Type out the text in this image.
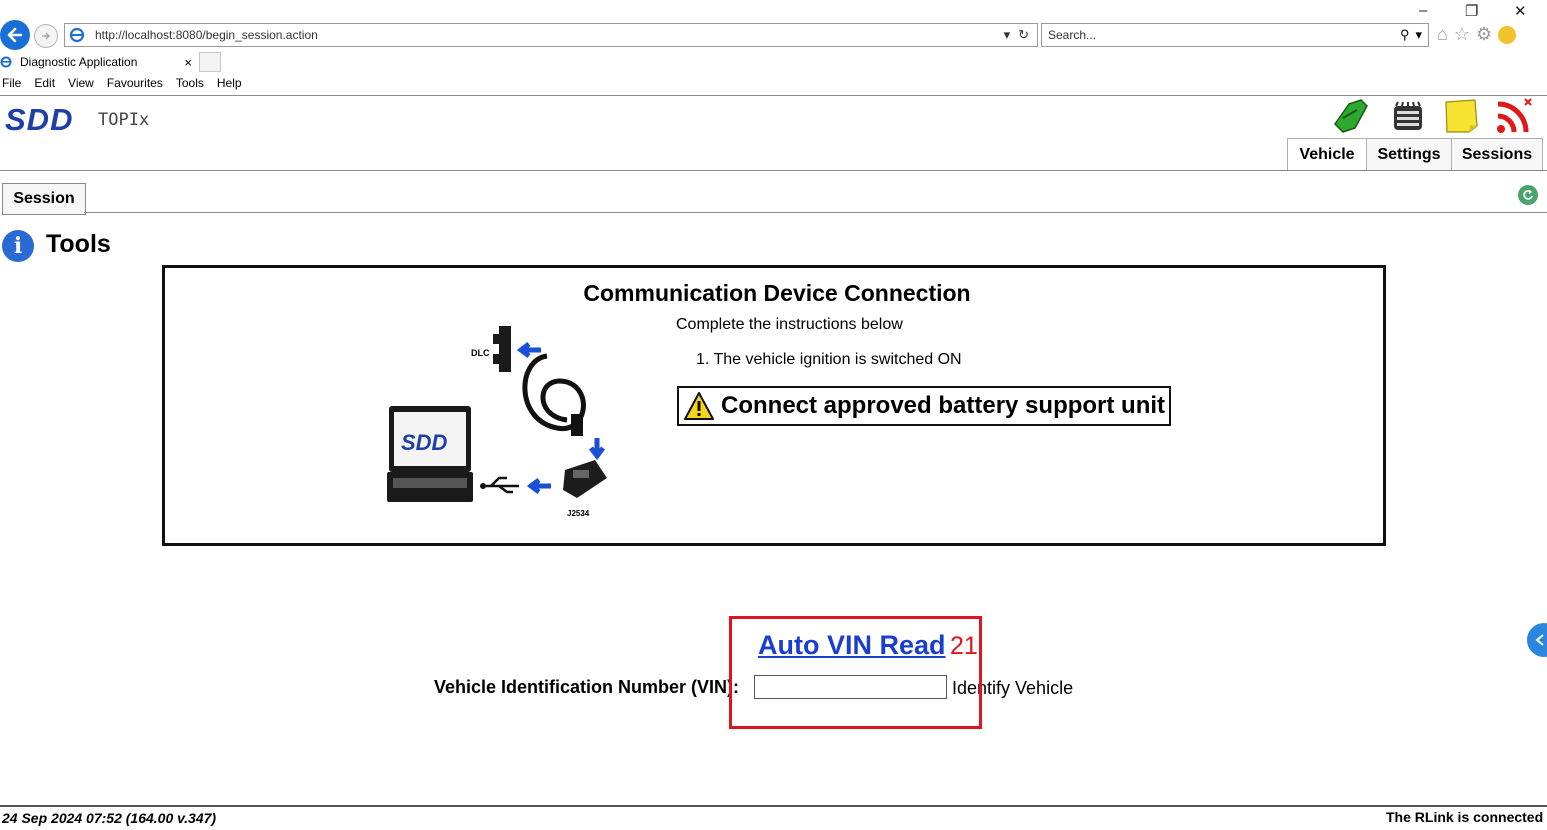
–	❐ ✕
http://localhost:8080/begin_session.action	▾ ↻ Search...	⚲ ▾ ⌂ ☆ ⚙
Diagnostic Application	×
File Edit View Favourites Tools Help
SDD TOPIx
Vehicle	Settings	Sessions
Session
i Tools
Communication Device Connection
DLC
J2534
SDD
Complete the instructions below
1. The vehicle ignition is switched ON
Connect approved battery support unit
Auto VIN Read 21
Vehicle Identification Number (VIN):	Identify Vehicle
24 Sep 2024 07:52 (164.00 v.347)	The RLink is connected
